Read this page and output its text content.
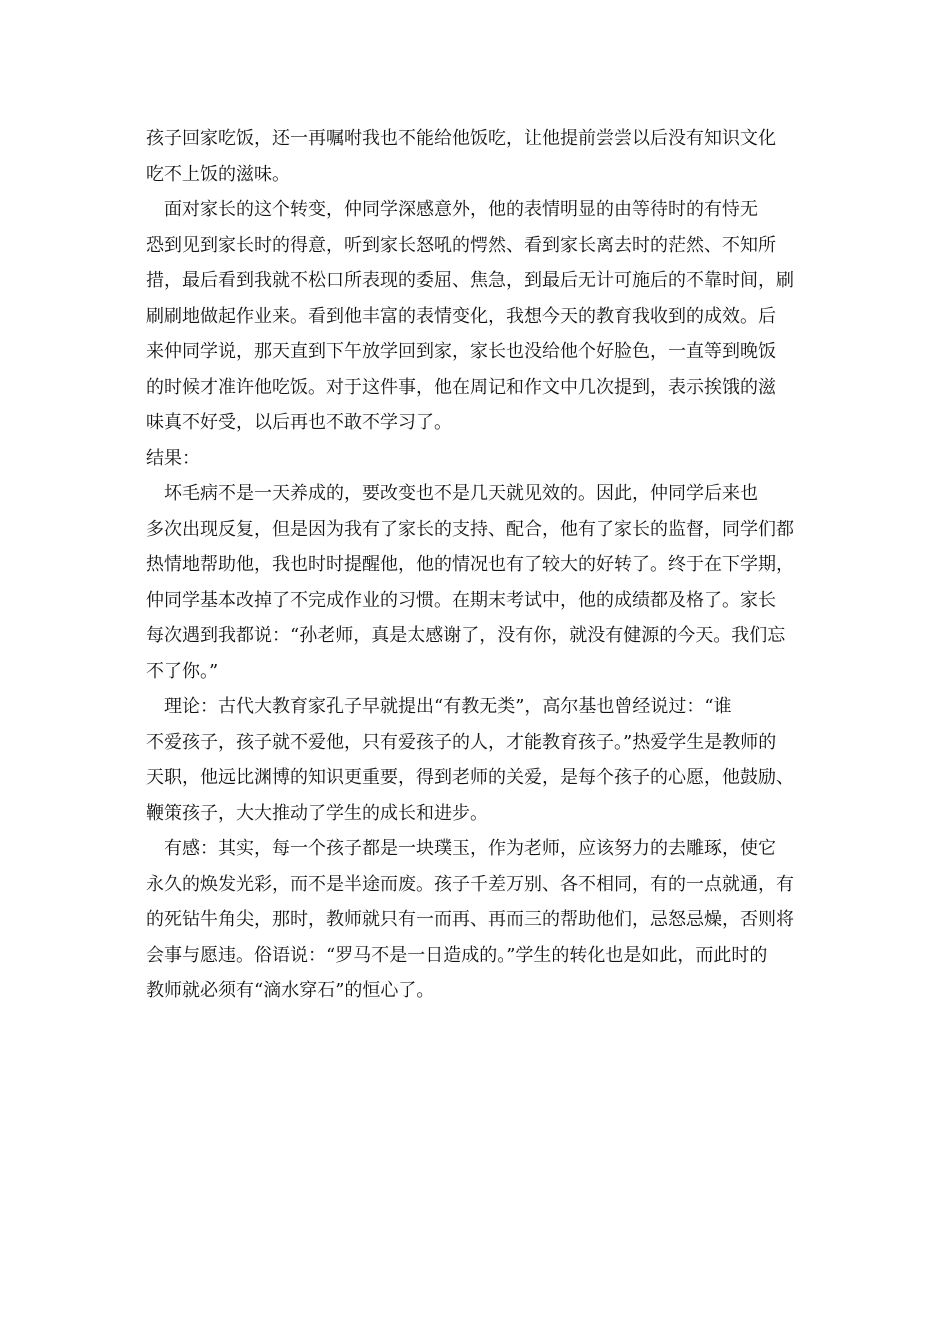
孩子回家吃饭，还一再嘱咐我也不能给他饭吃，让他提前尝尝以后没有知识文化
吃不上饭的滋味。
　面对家长的这个转变，仲同学深感意外，他的表情明显的由等待时的有恃无
恐到见到家长时的得意，听到家长怒吼的愕然、看到家长离去时的茫然、不知所
措，最后看到我就不松口所表现的委屈、焦急，到最后无计可施后的不靠时间，刷
刷刷地做起作业来。看到他丰富的表情变化，我想今天的教育我收到的成效。后
来仲同学说，那天直到下午放学回到家，家长也没给他个好脸色，一直等到晚饭
的时候才准许他吃饭。对于这件事，他在周记和作文中几次提到，表示挨饿的滋
味真不好受，以后再也不敢不学习了。
结果：
　坏毛病不是一天养成的，要改变也不是几天就见效的。因此，仲同学后来也
多次出现反复，但是因为我有了家长的支持、配合，他有了家长的监督，同学们都
热情地帮助他，我也时时提醒他，他的情况也有了较大的好转了。终于在下学期，
仲同学基本改掉了不完成作业的习惯。在期末考试中，他的成绩都及格了。家长
每次遇到我都说：“孙老师，真是太感谢了，没有你，就没有健源的今天。我们忘
不了你。”
　理论：古代大教育家孔子早就提出“有教无类”，高尔基也曾经说过：“谁
不爱孩子，孩子就不爱他，只有爱孩子的人，才能教育孩子。”热爱学生是教师的
天职，他远比渊博的知识更重要，得到老师的关爱，是每个孩子的心愿，他鼓励、
鞭策孩子，大大推动了学生的成长和进步。
　有感：其实，每一个孩子都是一块璞玉，作为老师，应该努力的去雕琢，使它
永久的焕发光彩，而不是半途而废。孩子千差万别、各不相同，有的一点就通，有
的死钻牛角尖，那时，教师就只有一而再、再而三的帮助他们，忌怒忌燥，否则将
会事与愿违。俗语说：“罗马不是一日造成的。”学生的转化也是如此，而此时的
教师就必须有“滴水穿石”的恒心了。
